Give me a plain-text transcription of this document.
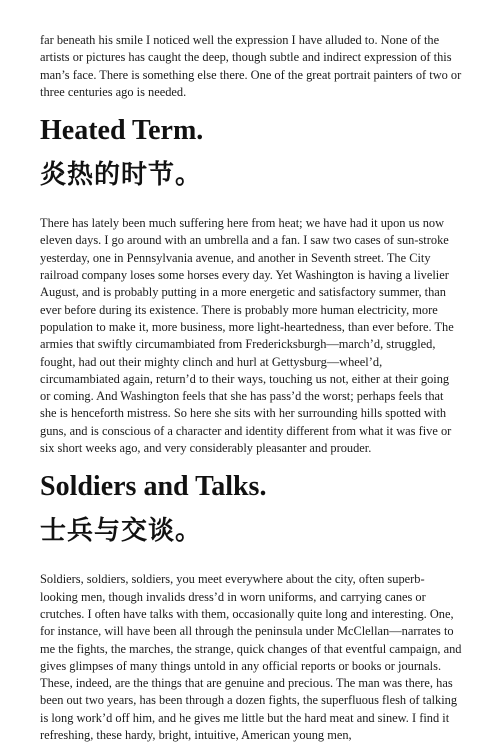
far beneath his smile I noticed well the expression I have alluded to. None of the artists or pictures has caught the deep, though subtle and indirect expression of this man’s face. There is something else there. One of the great portrait painters of two or three centuries ago is needed.

Heated Term.
炎热的时节。

There has lately been much suffering here from heat; we have had it upon us now eleven days. I go around with an umbrella and a fan. I saw two cases of sun-stroke yesterday, one in Pennsylvania avenue, and another in Seventh street. The City railroad company loses some horses every day. Yet Washington is having a livelier August, and is probably putting in a more energetic and satisfactory summer, than ever before during its existence. There is probably more human electricity, more population to make it, more business, more light-heartedness, than ever before. The armies that swiftly circumambiated from Fredericksburgh—march’d, struggled, fought, had out their mighty clinch and hurl at Gettysburg—wheel’d, circumambiated again, return’d to their ways, touching us not, either at their going or coming. And Washington feels that she has pass’d the worst; perhaps feels that she is henceforth mistress. So here she sits with her surrounding hills spotted with guns, and is conscious of a character and identity different from what it was five or six short weeks ago, and very considerably pleasanter and prouder.

Soldiers and Talks.
士兵与交谈。

Soldiers, soldiers, soldiers, you meet everywhere about the city, often superb-looking men, though invalids dress’d in worn uniforms, and carrying canes or crutches. I often have talks with them, occasionally quite long and interesting. One, for instance, will have been all through the peninsula under McClellan—narrates to me the fights, the marches, the strange, quick changes of that eventful campaign, and gives glimpses of many things untold in any official reports or books or journals. These, indeed, are the things that are genuine and precious. The man was there, has been out two years, has been through a dozen fights, the superfluous flesh of talking is long work’d off him, and he gives me little but the hard meat and sinew. I find it refreshing, these hardy, bright, intuitive, American young men,
